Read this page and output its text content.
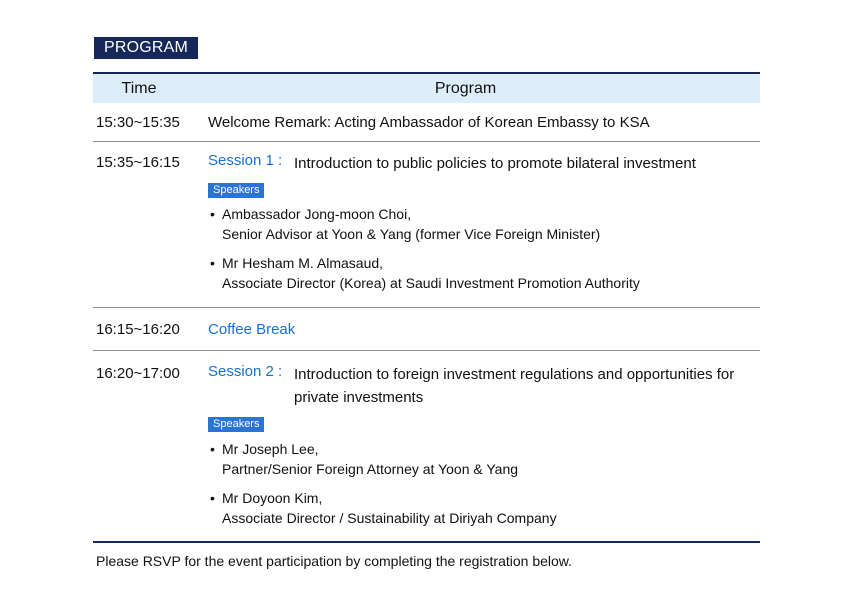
PROGRAM
Time	Program
15:30~15:35	Welcome Remark: Acting Ambassador of Korean Embassy to KSA
15:35~16:15	Session 1 : Introduction to public policies to promote bilateral investment
Speakers
• Ambassador Jong-moon Choi,
Senior Advisor at Yoon & Yang (former Vice Foreign Minister)
• Mr Hesham M. Almasaud,
Associate Director (Korea) at Saudi Investment Promotion Authority
16:15~16:20	Coffee Break
16:20~17:00	Session 2 : Introduction to foreign investment regulations and opportunities for private investments
Speakers
• Mr Joseph Lee,
Partner/Senior Foreign Attorney at Yoon & Yang
• Mr Doyoon Kim,
Associate Director / Sustainability at Diriyah Company
Please RSVP for the event participation by completing the registration below.
